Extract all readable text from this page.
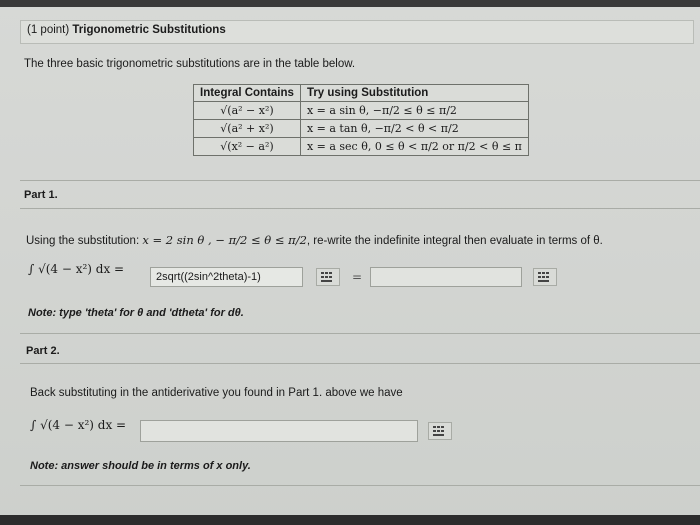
(1 point) Trigonometric Substitutions
The three basic trigonometric substitutions are in the table below.
Integral Contains	Try using Substitution
√(a² − x²)	x = a sin θ, −π/2 ≤ θ ≤ π/2
√(a² + x²)	x = a tan θ, −π/2 < θ < π/2
√(x² − a²)	x = a sec θ, 0 ≤ θ < π/2 or π/2 < θ ≤ π
Part 1.
Using the substitution: x = 2 sin θ , − π/2 ≤ θ ≤ π/2, re-write the indefinite integral then evaluate in terms of θ.
∫ √(4 − x²) dx =
2sqrt((2sin^2theta)-1)	=
Note: type 'theta' for θ and 'dtheta' for dθ.
Part 2.
Back substituting in the antiderivative you found in Part 1. above we have
∫ √(4 − x²) dx =
Note: answer should be in terms of x only.
